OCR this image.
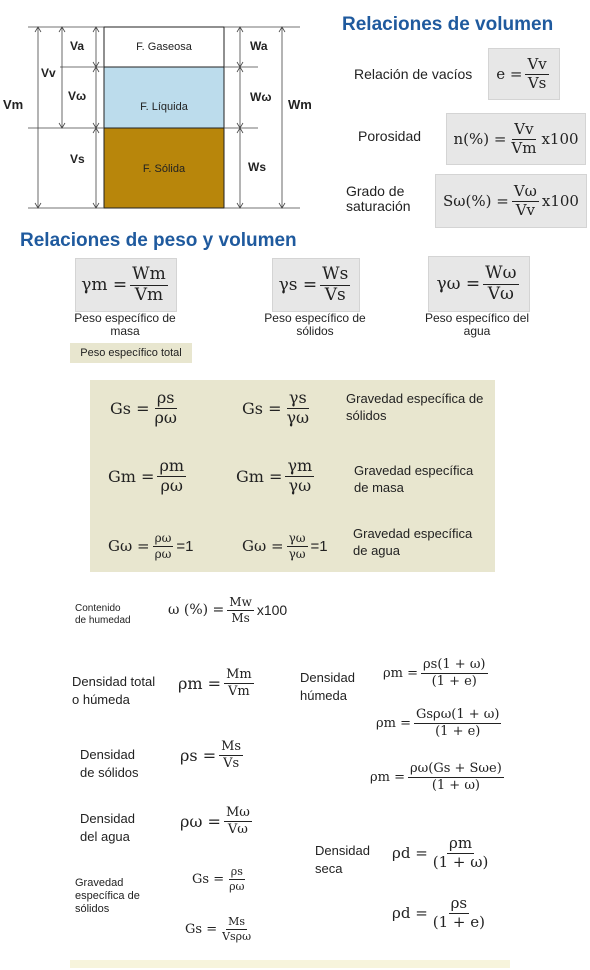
F. Gaseosa
F. Líquida
F. Sólida
Va
Vv
Vω
Vm
Vs
Wa
Wω Wm
Ws
Relaciones de volumen
Relación de vacíos $e = \frac{Vv}{Vs}$
Porosidad $n(\%) = \frac{Vv}{Vm} x100$
Grado de
saturación $S\omega(\%) = \frac{V\omega}{Vv} x100$
Relaciones de peso y volumen
$\gamma m = \frac{Wm}{Vm}$
Peso específico de
masa
$\gamma s = \frac{Ws}{Vs}$
Peso específico de
sólidos
$\gamma\omega = \frac{W\omega}{V\omega}$
Peso específico del
agua
Peso específico total
$Gs = \frac{\rho s}{\rho\omega}$	$Gs = \frac{\gamma s}{\gamma\omega}$	Gravedad específica de
sólidos
$Gm = \frac{\rho m}{\rho\omega}$	$Gm = \frac{\gamma m}{\gamma\omega}$	Gravedad específica
de masa
$G\omega = \frac{\rho\omega}{\rho\omega} =1$	$G\omega = \frac{\gamma\omega}{\gamma\omega} =1$
Gravedad específica
de agua
Contenido
de humedad
ω (%) = $\frac{Mw}{Ms} x100$
Densidad total
o húmeda
$\rho m = \frac{Mm}{Vm}$
Densidad
de sólidos
$\rho s = \frac{Ms}{Vs}$
Densidad
del agua
$\rho\omega = \frac{M\omega}{V\omega}$
Gravedad
específica de
sólidos
$Gs = \frac{\rho s}{\rho\omega}$
$Gs = \frac{Ms}{\text{Vsρω}}$
Densidad
húmeda
$\rho m = \frac{\rho s(1 + \omega)}{(1 + e)}$
$\rho m = \frac{\text{Gsρω(1 + ω)}}{(1 + e)}$
$\rho m = \frac{\text{ρω(Gs + Sωe)}}{(1 + \omega)}$
Densidad
seca
$\rho d = \frac{\rho m}{(1 + \omega)}$
$\rho d = \frac{\rho s}{(1 + e)}$
